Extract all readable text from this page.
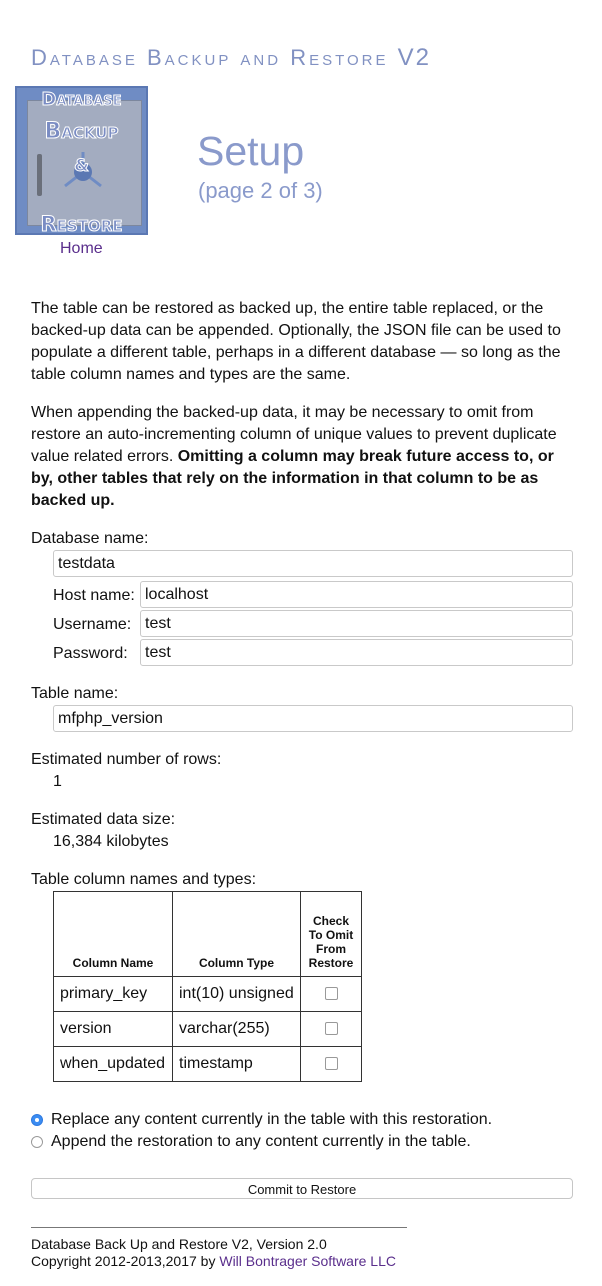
Database Backup and Restore V2
Database
Backup
&
Restore
Home
Setup
(page 2 of 3)

The table can be restored as backed up, the entire table replaced, or the backed-up data can be appended. Optionally, the JSON file can be used to populate a different table, perhaps in a different database — so long as the table column names and types are the same.

When appending the backed-up data, it may be necessary to omit from restore an auto-incrementing column of unique values to prevent duplicate value related errors. Omitting a column may break future access to, or by, other tables that rely on the information in that column to be as backed up.

Database name:
testdata
Host name:
localhost
Username:
test
Password:
test
Table name:
mfphp_version
Estimated number of rows:
1
Estimated data size:
16,384 kilobytes
Table column names and types:
Column Name	Column Type	Check To Omit From Restore
primary_key	int(10) unsigned	
version	varchar(255)	
when_updated	timestamp	
Replace any content currently in the table with this restoration.
Append the restoration to any content currently in the table.
Commit to Restore
Database Back Up and Restore V2, Version 2.0
Copyright 2012-2013,2017 by Will Bontrager Software LLC
